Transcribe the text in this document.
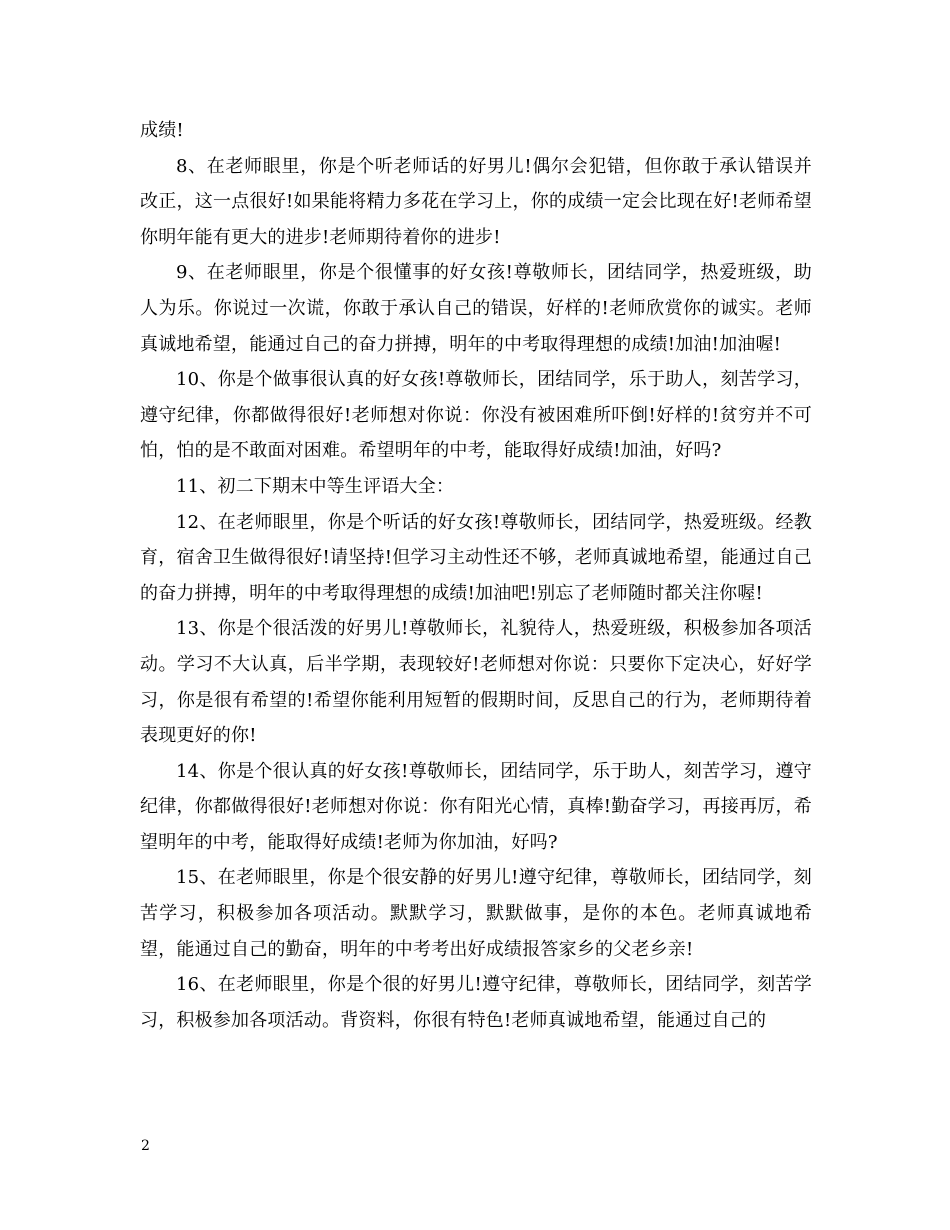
成绩!

8、在老师眼里，你是个听老师话的好男儿!偶尔会犯错，但你敢于承认错误并改正，这一点很好!如果能将精力多花在学习上，你的成绩一定会比现在好!老师希望你明年能有更大的进步!老师期待着你的进步!

9、在老师眼里，你是个很懂事的好女孩!尊敬师长，团结同学，热爱班级，助人为乐。你说过一次谎，你敢于承认自己的错误，好样的!老师欣赏你的诚实。老师真诚地希望，能通过自己的奋力拼搏，明年的中考取得理想的成绩!加油!加油喔!

10、你是个做事很认真的好女孩!尊敬师长，团结同学，乐于助人，刻苦学习，遵守纪律，你都做得很好!老师想对你说：你没有被困难所吓倒!好样的!贫穷并不可怕，怕的是不敢面对困难。希望明年的中考，能取得好成绩!加油，好吗?

11、初二下期末中等生评语大全：

12、在老师眼里，你是个听话的好女孩!尊敬师长，团结同学，热爱班级。经教育，宿舍卫生做得很好!请坚持!但学习主动性还不够，老师真诚地希望，能通过自己的奋力拼搏，明年的中考取得理想的成绩!加油吧!别忘了老师随时都关注你喔!

13、你是个很活泼的好男儿!尊敬师长，礼貌待人，热爱班级，积极参加各项活动。学习不大认真，后半学期，表现较好!老师想对你说：只要你下定决心，好好学习，你是很有希望的!希望你能利用短暂的假期时间，反思自己的行为，老师期待着表现更好的你!

14、你是个很认真的好女孩!尊敬师长，团结同学，乐于助人，刻苦学习，遵守纪律，你都做得很好!老师想对你说：你有阳光心情，真棒!勤奋学习，再接再厉，希望明年的中考，能取得好成绩!老师为你加油，好吗?

15、在老师眼里，你是个很安静的好男儿!遵守纪律，尊敬师长，团结同学，刻苦学习，积极参加各项活动。默默学习，默默做事，是你的本色。老师真诚地希望，能通过自己的勤奋，明年的中考考出好成绩报答家乡的父老乡亲!

16、在老师眼里，你是个很的好男儿!遵守纪律，尊敬师长，团结同学，刻苦学习，积极参加各项活动。背资料，你很有特色!老师真诚地希望，能通过自己的

2
